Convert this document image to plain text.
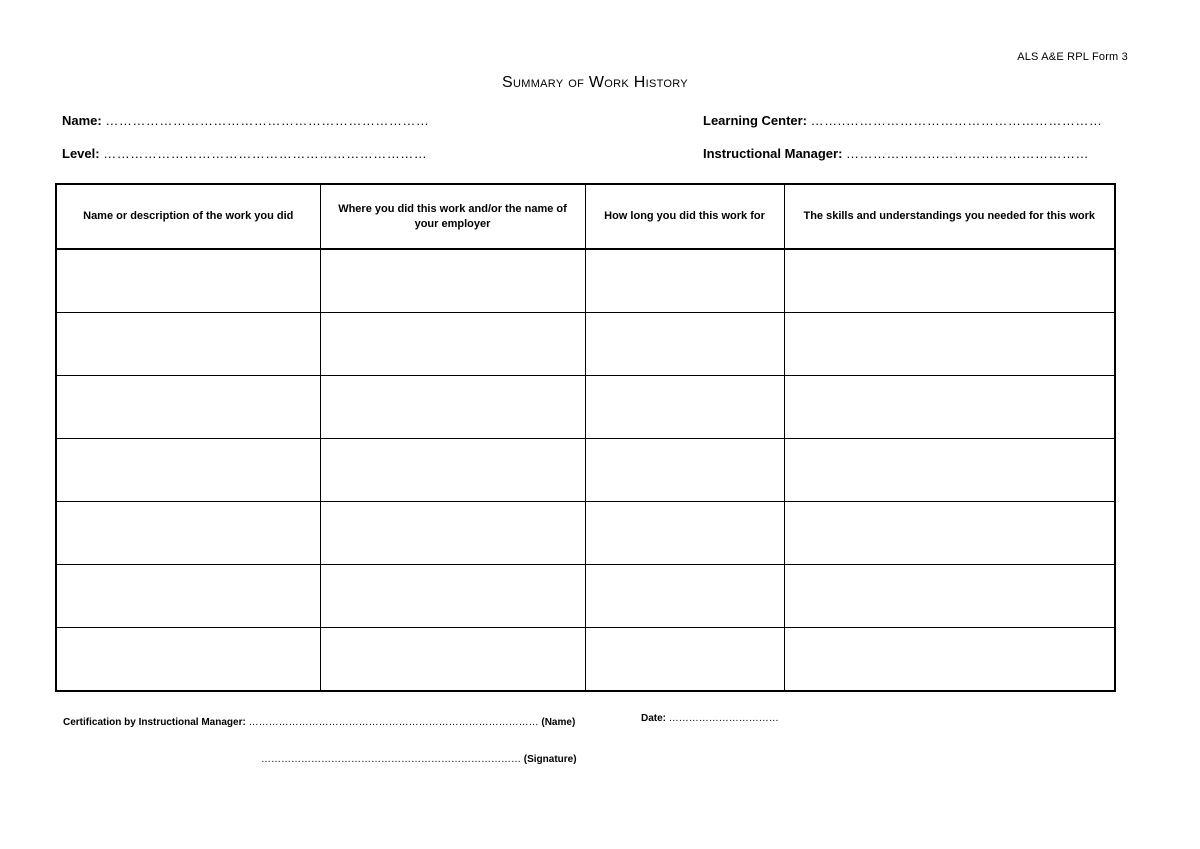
ALS A&E RPL Form 3
Summary of Work History
Name: ………………………………………………………………
Level: ………………………………………………………………
Learning Center: ……..…………………………………………………
Instructional Manager: ………………………………………………
Name or description of the work you did	Where you did this work and/or the name of your employer	How long you did this work for	The skills and understandings you needed for this work

Certification by Instructional Manager: …………………………………………………………………………… (Name)	Date: ……………………………
…………………………………………………………………… (Signature)
